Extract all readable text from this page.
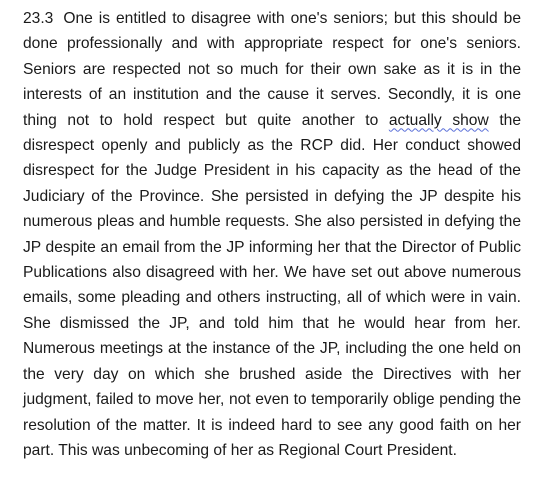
23.3 One is entitled to disagree with one's seniors; but this should be done professionally and with appropriate respect for one's seniors. Seniors are respected not so much for their own sake as it is in the interests of an institution and the cause it serves. Secondly, it is one thing not to hold respect but quite another to actually show the disrespect openly and publicly as the RCP did. Her conduct showed disrespect for the Judge President in his capacity as the head of the Judiciary of the Province. She persisted in defying the JP despite his numerous pleas and humble requests. She also persisted in defying the JP despite an email from the JP informing her that the Director of Public Publications also disagreed with her. We have set out above numerous emails, some pleading and others instructing, all of which were in vain. She dismissed the JP, and told him that he would hear from her. Numerous meetings at the instance of the JP, including the one held on the very day on which she brushed aside the Directives with her judgment, failed to move her, not even to temporarily oblige pending the resolution of the matter. It is indeed hard to see any good faith on her part. This was unbecoming of her as Regional Court President.
